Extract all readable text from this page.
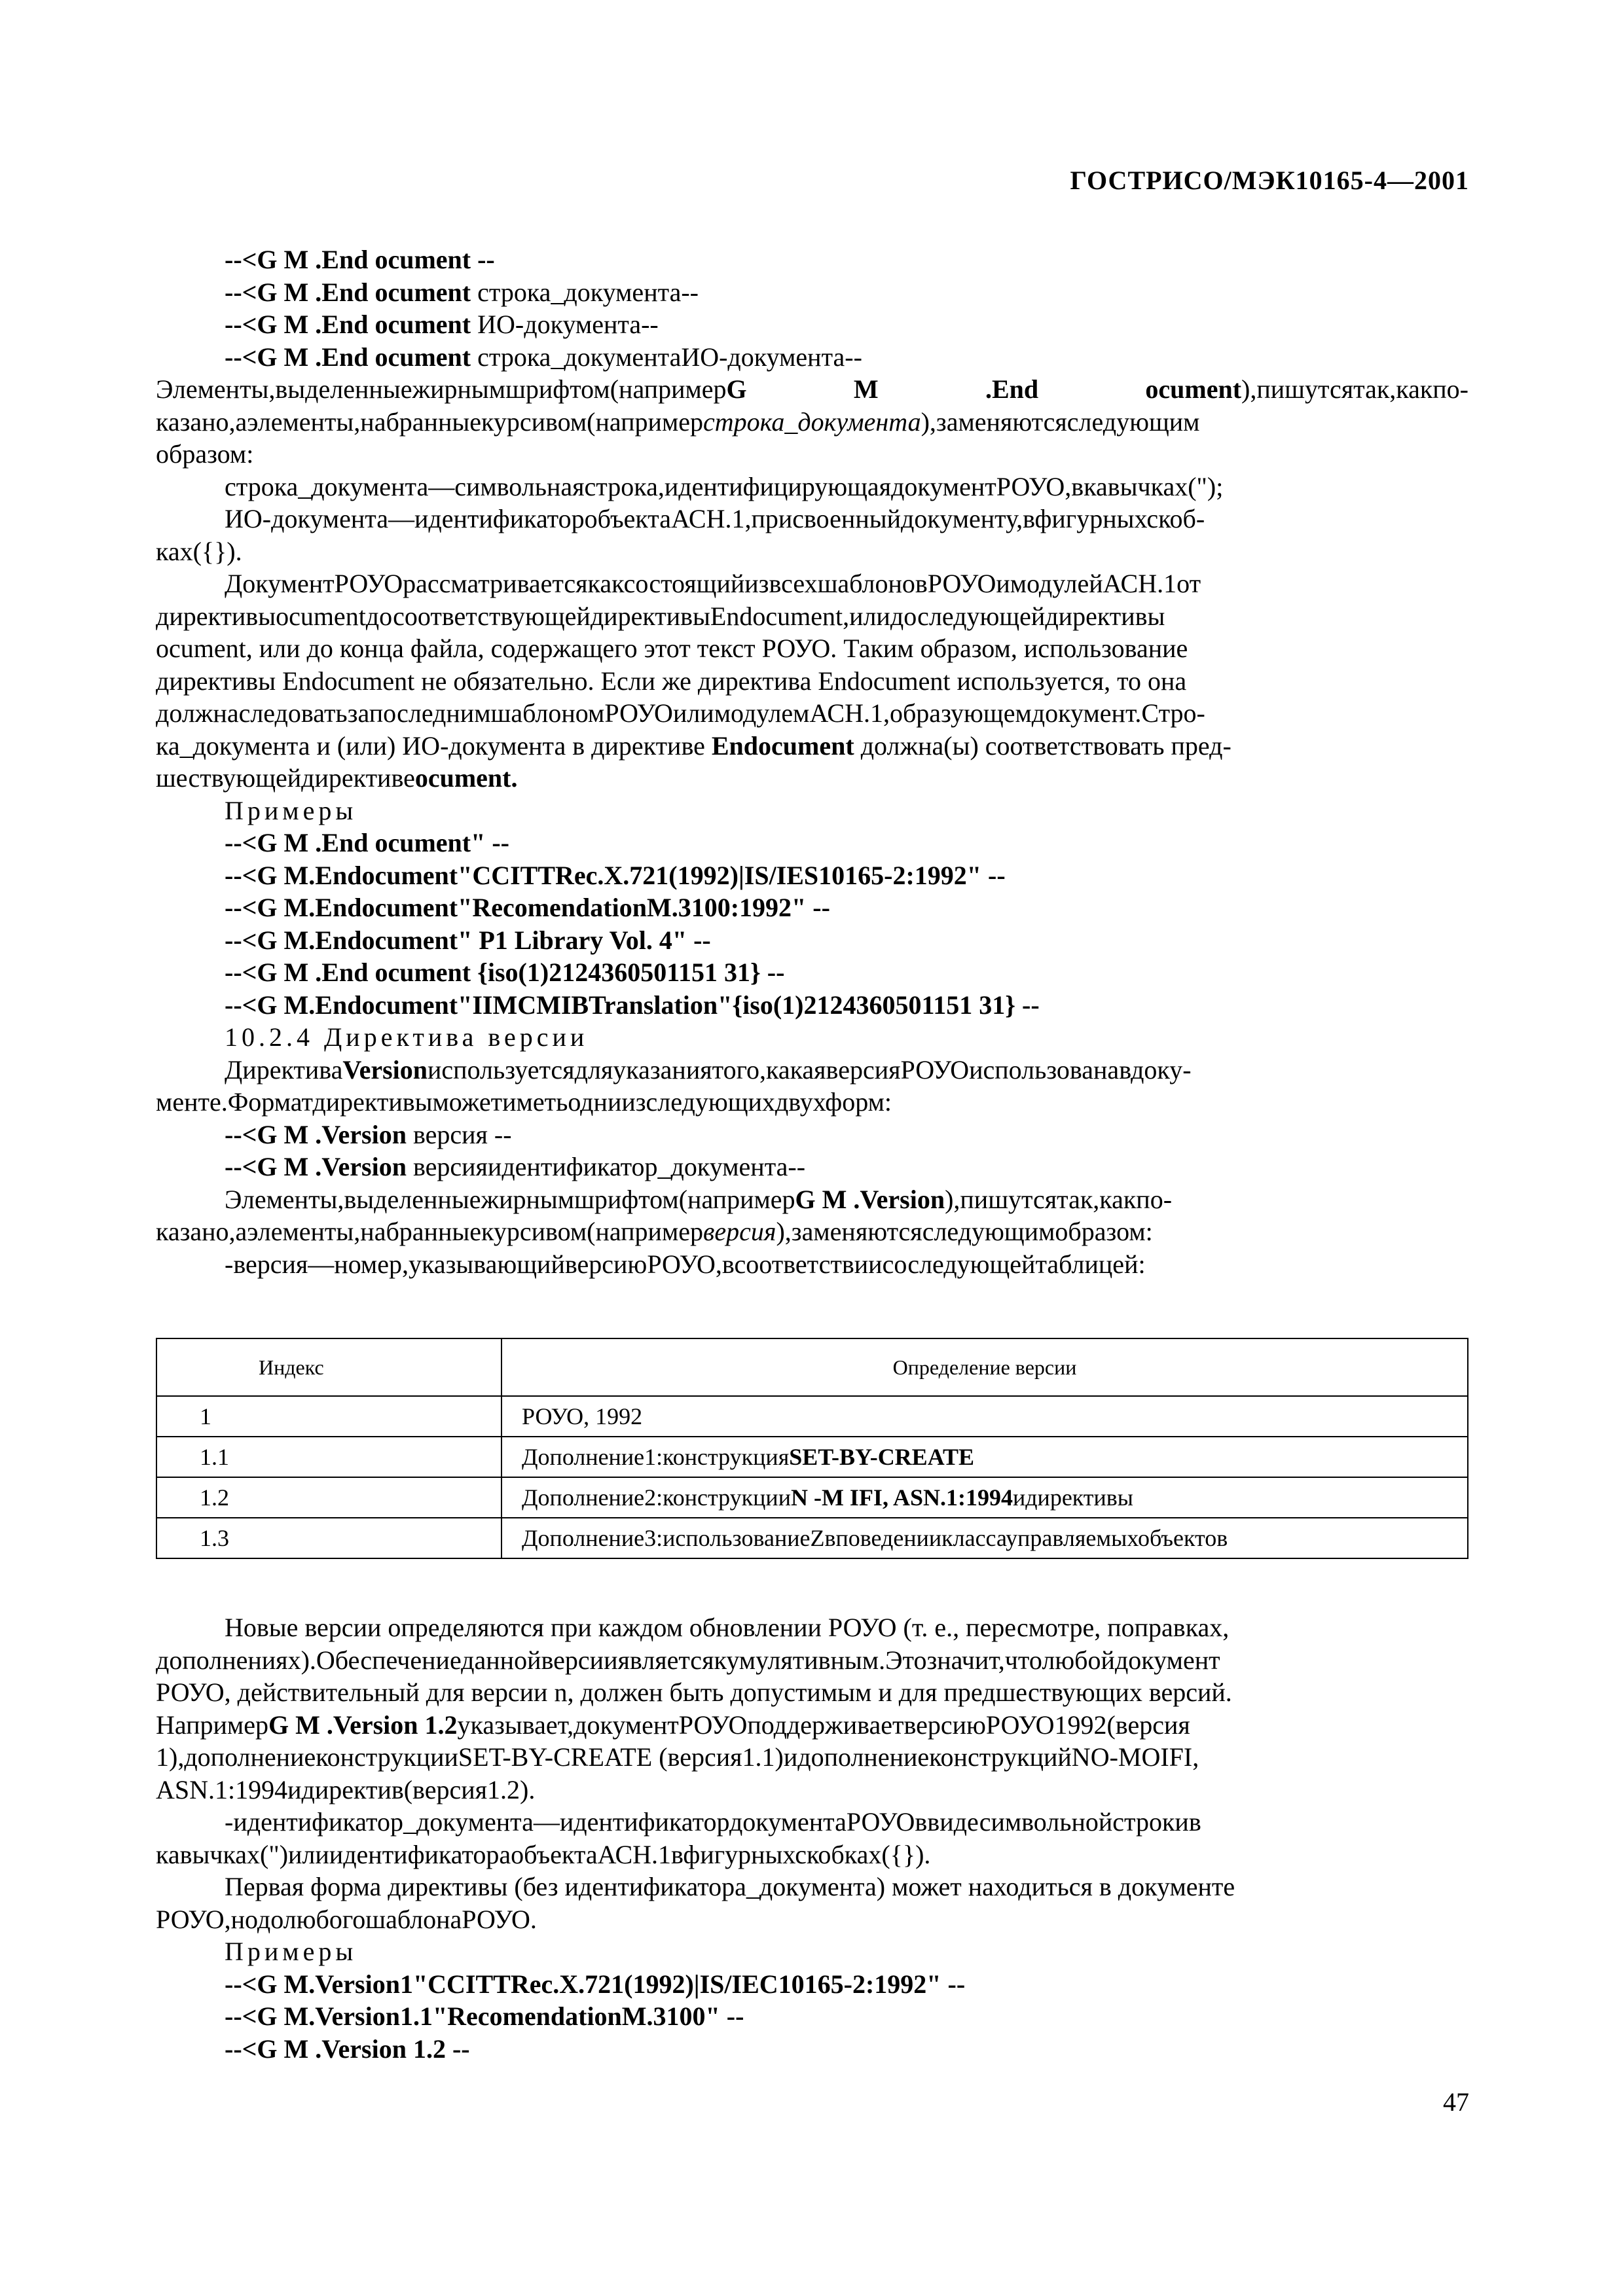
ГОСТРИСО/МЭК10165-4—2001
--<G M .End ocument --
--<G M .End ocument строка_документа--
--<G M .End ocument ИО-документа--
--<G M .End ocument строка_документаИО-документа--
Элементы,выделенныежирнымшрифтом(напримерG M .End ocument),пишутсятак,какпо-
казано,аэлементы,набранныекурсивом(напримерстрока_документа),заменяютсяследующим
образом:
строка_документа—символьнаястрока,идентифицирующаядокументРОУО,вкавычках(");
ИО-документа—идентификаторобъектаАСН.1,присвоенныйдокументу,вфигурныхскоб-
ках({}).
ДокументРОУОрассматриваетсякаксостоящийизвсехшаблоновРОУОимодулейАСН.1от
директивыocumentдосоответствующейдирективыEndocument,илидоследующейдирективы
ocument, или до конца файла, содержащего этот текст РОУО. Таким образом, использование
директивы Endocument не обязательно. Если же директива Endocument используется, то она
должнаследоватьзапоследнимшаблономРОУОилимодулемАСН.1,образующемдокумент.Стро-
ка_документа и (или) ИО-документа в директиве Endocument должна(ы) соответствовать пред-
шествующейдирективеocument.
Примеры
--<G M .End ocument" --
--<G M.Endocument"CCITTRec.X.721(1992)|IS/IES10165-2:1992" --
--<G M.Endocument"RecomendationM.3100:1992" --
--<G M.Endocument" P1 Library Vol. 4" --
--<G M .End ocument {iso(1)2124360501151 31} --
--<G M.Endocument"IIMCMIBTranslation"{iso(1)2124360501151 31} --
10.2.4 Директива версии
ДирективаVersionиспользуетсядляуказаниятого,какаяверсияРОУОиспользованавдоку-
менте.Форматдирективыможетиметьодниизследующихдвухформ:
--<G M .Version версия --
--<G M .Version версияидентификатор_документа--
Элементы,выделенныежирнымшрифтом(напримерG M .Version),пишутсятак,какпо-
казано,аэлементы,набранныекурсивом(напримерверсия),заменяютсяследующимобразом:
-версия—номер,указывающийверсиюРОУО,всоответствиисоследующейтаблицей:
Индекс	Определение версии
1	РОУО, 1992
1.1	Дополнение1:конструкцияSET-BY-CREATE
1.2	Дополнение2:конструкцииN -M IFI, ASN.1:1994идирективы
1.3	Дополнение3:использованиеZвповеденииклассауправляемыхобъектов
Новые версии определяются при каждом обновлении РОУО (т. е., пересмотре, поправках,
дополнениях).Обеспечениеданнойверсииявляетсякумулятивным.Этозначит,чтолюбойдокумент
РОУО, действительный для версии n, должен быть допустимым и для предшествующих версий.
НапримерG M .Version 1.2указывает,документРОУОподдерживаетверсиюРОУО1992(версия
1),дополнениеконструкцииSET-BY-CREATE (версия1.1)идополнениеконструкцийNO-MOIFI,
ASN.1:1994идиректив(версия1.2).
-идентификатор_документа—идентификатордокументаРОУОввидесимвольнойстрокив
кавычках(")илиидентификатораобъектаАСН.1вфигурныхскобках({}).
Первая форма директивы (без идентификатора_документа) может находиться в документе
РОУО,нодолюбогошаблонаРОУО.
Примеры
--<G M.Version1"CCITTRec.X.721(1992)|IS/IEC10165-2:1992" --
--<G M.Version1.1"RecomendationM.3100" --
--<G M .Version 1.2 --
47
